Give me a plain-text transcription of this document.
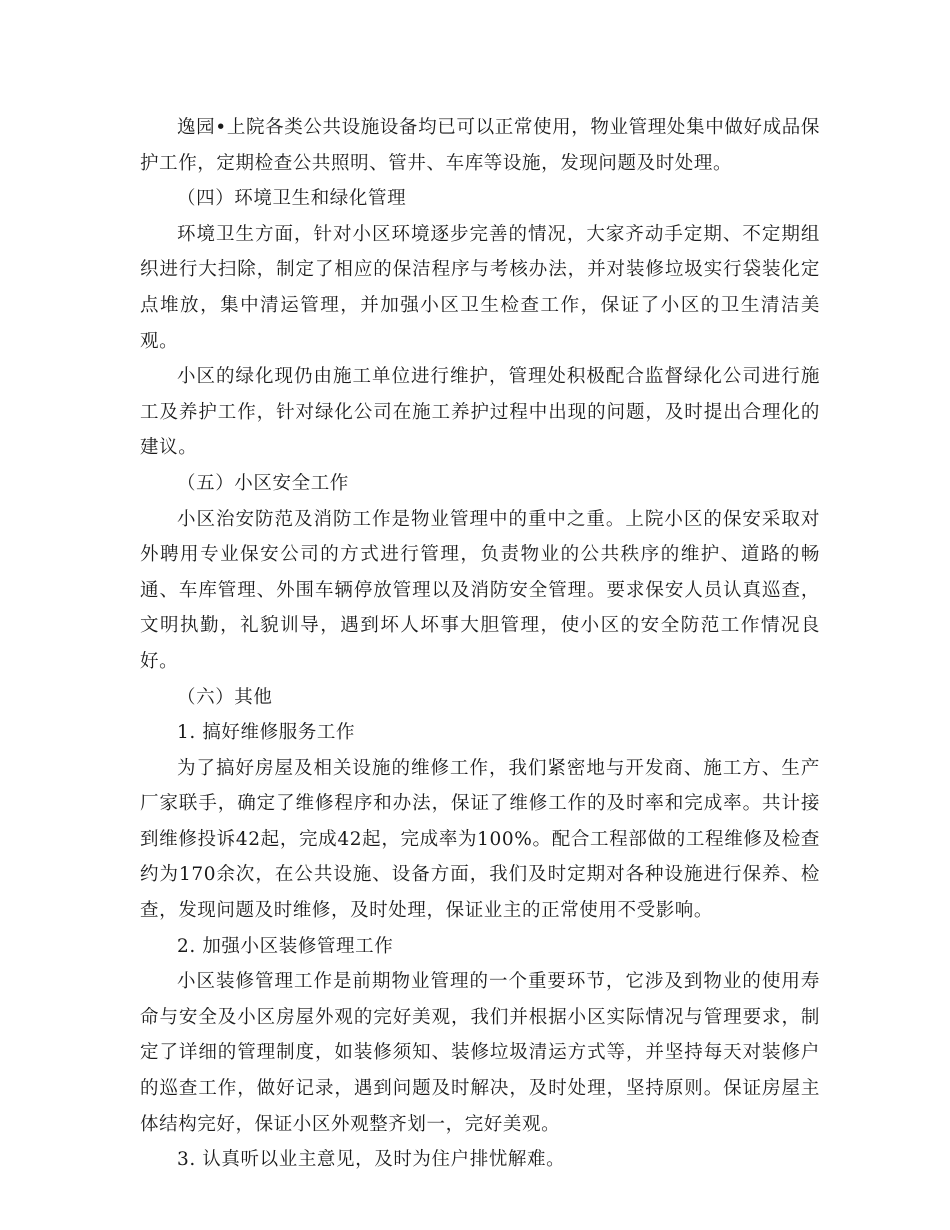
逸园•上院各类公共设施设备均已可以正常使用，物业管理处集中做好成品保护工作，定期检查公共照明、管井、车库等设施，发现问题及时处理。

（四）环境卫生和绿化管理

环境卫生方面，针对小区环境逐步完善的情况，大家齐动手定期、不定期组织进行大扫除，制定了相应的保洁程序与考核办法，并对装修垃圾实行袋装化定点堆放，集中清运管理，并加强小区卫生检查工作，保证了小区的卫生清洁美观。

小区的绿化现仍由施工单位进行维护，管理处积极配合监督绿化公司进行施工及养护工作，针对绿化公司在施工养护过程中出现的问题，及时提出合理化的建议。

（五）小区安全工作

小区治安防范及消防工作是物业管理中的重中之重。上院小区的保安采取对外聘用专业保安公司的方式进行管理，负责物业的公共秩序的维护、道路的畅通、车库管理、外围车辆停放管理以及消防安全管理。要求保安人员认真巡查，文明执勤，礼貌训导，遇到坏人坏事大胆管理，使小区的安全防范工作情况良好。

（六）其他

1. 搞好维修服务工作

为了搞好房屋及相关设施的维修工作，我们紧密地与开发商、施工方、生产厂家联手，确定了维修程序和办法，保证了维修工作的及时率和完成率。共计接到维修投诉42起，完成42起，完成率为100%。配合工程部做的工程维修及检查约为170余次，在公共设施、设备方面，我们及时定期对各种设施进行保养、检查，发现问题及时维修，及时处理，保证业主的正常使用不受影响。

2. 加强小区装修管理工作

小区装修管理工作是前期物业管理的一个重要环节，它涉及到物业的使用寿命与安全及小区房屋外观的完好美观，我们并根据小区实际情况与管理要求，制定了详细的管理制度，如装修须知、装修垃圾清运方式等，并坚持每天对装修户的巡查工作，做好记录，遇到问题及时解决，及时处理，坚持原则。保证房屋主体结构完好，保证小区外观整齐划一，完好美观。

3. 认真听以业主意见，及时为住户排忧解难。
